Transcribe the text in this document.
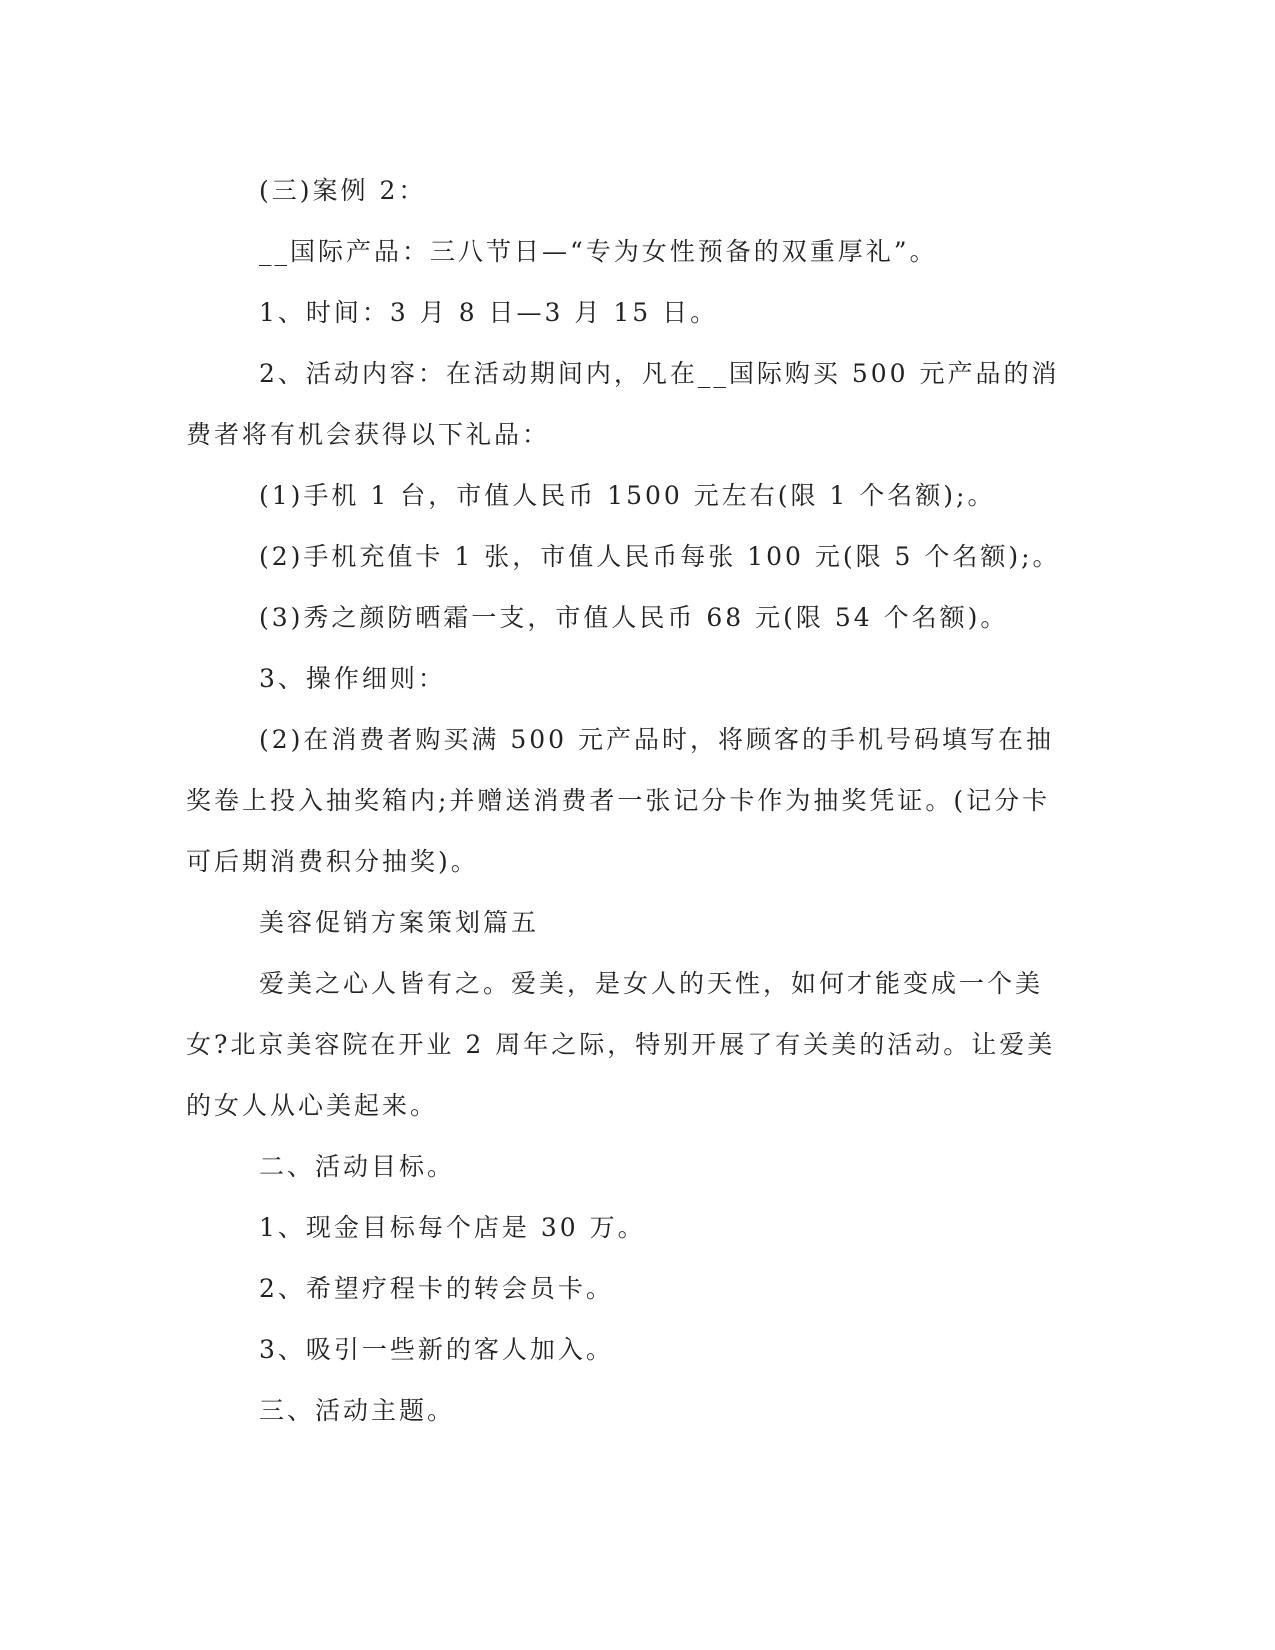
(三)案例 2：

__国际产品：三八节日—“专为女性预备的双重厚礼”。

1、时间：3 月 8 日—3 月 15 日。

2、活动内容：在活动期间内，凡在__国际购买 500 元产品的消费者将有机会获得以下礼品：

(1)手机 1 台，市值人民币 1500 元左右(限 1 个名额);。

(2)手机充值卡 1 张，市值人民币每张 100 元(限 5 个名额);。

(3)秀之颜防晒霜一支，市值人民币 68 元(限 54 个名额)。

3、操作细则：

(2)在消费者购买满 500 元产品时，将顾客的手机号码填写在抽奖卷上投入抽奖箱内;并赠送消费者一张记分卡作为抽奖凭证。(记分卡可后期消费积分抽奖)。

美容促销方案策划篇五

爱美之心人皆有之。爱美，是女人的天性，如何才能变成一个美女?北京美容院在开业 2 周年之际，特别开展了有关美的活动。让爱美的女人从心美起来。

二、活动目标。

1、现金目标每个店是 30 万。

2、希望疗程卡的转会员卡。

3、吸引一些新的客人加入。

三、活动主题。
